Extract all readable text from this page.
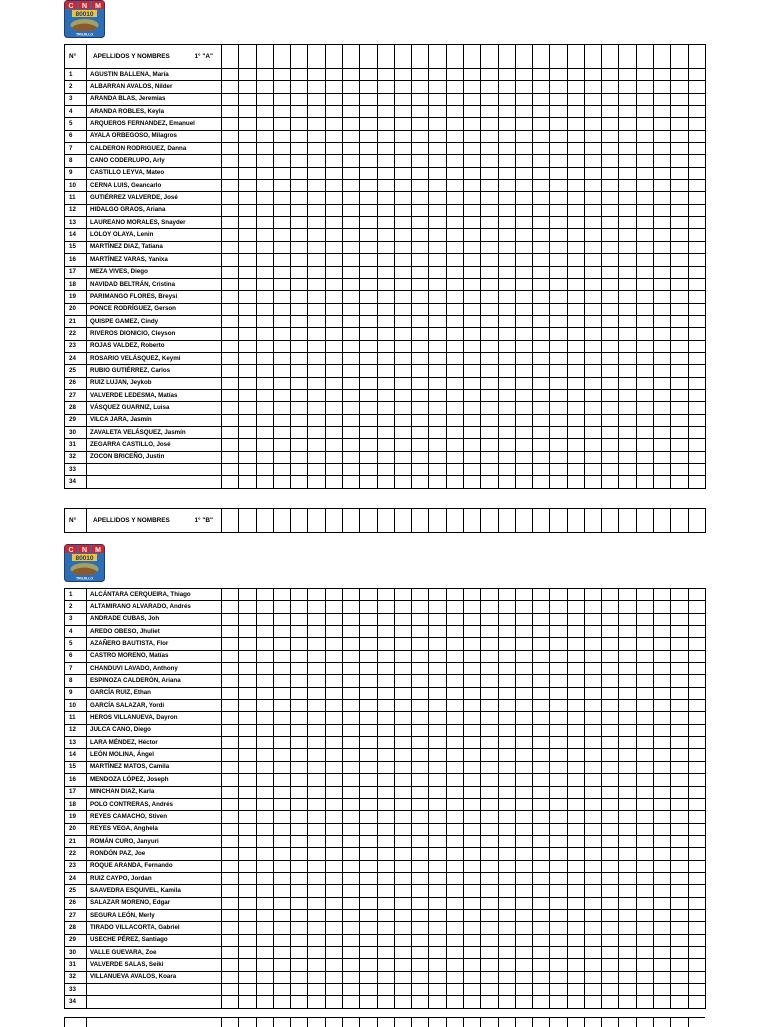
C N M
80010
TRUJILLO
N°	APELLIDOS Y NOMBRES 1° "A"																												

1	AGUSTIN BALLENA, María																												
2	ALBARRAN AVALOS, Nilder																												
3	ARANDA BLAS, Jeremias																												
4	ARANDA ROBLES, Keyla																												
5	ARQUEROS FERNANDEZ, Emanuel																												
6	AYALA ORBEGOSO, Milagros																												
7	CALDERON RODRIGUEZ, Danna																												
8	CANO CODERLUPO, Arly																												
9	CASTILLO LEYVA, Mateo																												
10	CERNA LUIS, Geancarlo																												
11	GUTIÉRREZ VALVERDE, José																												
12	HIDALGO GRAOS, Ariana																												
13	LAUREANO MORALES, Snayder																												
14	LOLOY OLAYA, Lenin																												
15	MARTÍNEZ DIAZ, Tatiana																												
16	MARTÍNEZ VARAS, Yanixa																												
17	MEZA VIVES, Diego																												
18	NAVIDAD BELTRÁN, Cristina																												
19	PARIMANGO FLORES, Breysi																												
20	PONCE RODRÍGUEZ, Gerson																												
21	QUISPE GAMEZ, Cindy																												
22	RIVEROS DIONICIO, Cleyson																												
23	ROJAS VALDEZ, Roberto																												
24	ROSARIO VELÁSQUEZ, Keymi																												
25	RUBIO GUTIÉRREZ, Carlos																												
26	RUIZ LUJAN, Jeykob																												
27	VALVERDE LEDESMA, Matías																												
28	VÁSQUEZ GUARNIZ, Luisa																												
29	VILCA JARA, Jasmín																												
30	ZAVALETA VELÁSQUEZ, Jasmín																												
31	ZEGARRA CASTILLO, José																												
32	ZOCON BRICEÑO, Justin																												
33																													
34																													
N°	APELLIDOS Y NOMBRES	1° "B"

C N M
80010
TRUJILLO
1	ALCÁNTARA CERQUEIRA, Thiago																												
2	ALTAMIRANO ALVARADO, Andrés																												
3	ANDRADE CUBAS, Joh																												
4	AREDO OBESO, Jhuliet																												
5	AZAÑERO BAUTISTA, Flor																												
6	CASTRO MORENO, Matías																												
7	CHANDUVI LAVADO, Anthony																												
8	ESPINOZA CALDERÓN, Ariana																												
9	GARCÍA RUIZ, Ethan																												
10	GARCÍA SALAZAR, Yordi																												
11	HEROS VILLANUEVA, Dayron																												
12	JULCA CANO, Diego																												
13	LARA MÉNDEZ, Héctor																												
14	LEÓN MOLINA, Ángel																												
15	MARTÍNEZ MATOS, Camila																												
16	MENDOZA LÓPEZ, Joseph																												
17	MINCHAN DIAZ, Karla																												
18	POLO CONTRERAS, Andrés																												
19	REYES CAMACHO, Stiven																												
20	REYES VEGA, Anghela																												
21	ROMÁN CURO, Janyuri																												
22	RONDÓN PAZ, Joe																												
23	ROQUE ARANDA, Fernando																												
24	RUIZ CAYPO, Jordan																												
25	SAAVEDRA ESQUIVEL, Kamila																												
26	SALAZAR MORENO, Edgar																												
27	SEGURA LEÓN, Merly																												
28	TIRADO VILLACORTA, Gabriel																												
29	USECHE PÉREZ, Santiago																												
30	VALLE GUEVARA, Zoe																												
31	VALVERDE SALAS, Seiki																												
32	VILLANUEVA AVALOS, Koara																												
33																													
34																													
